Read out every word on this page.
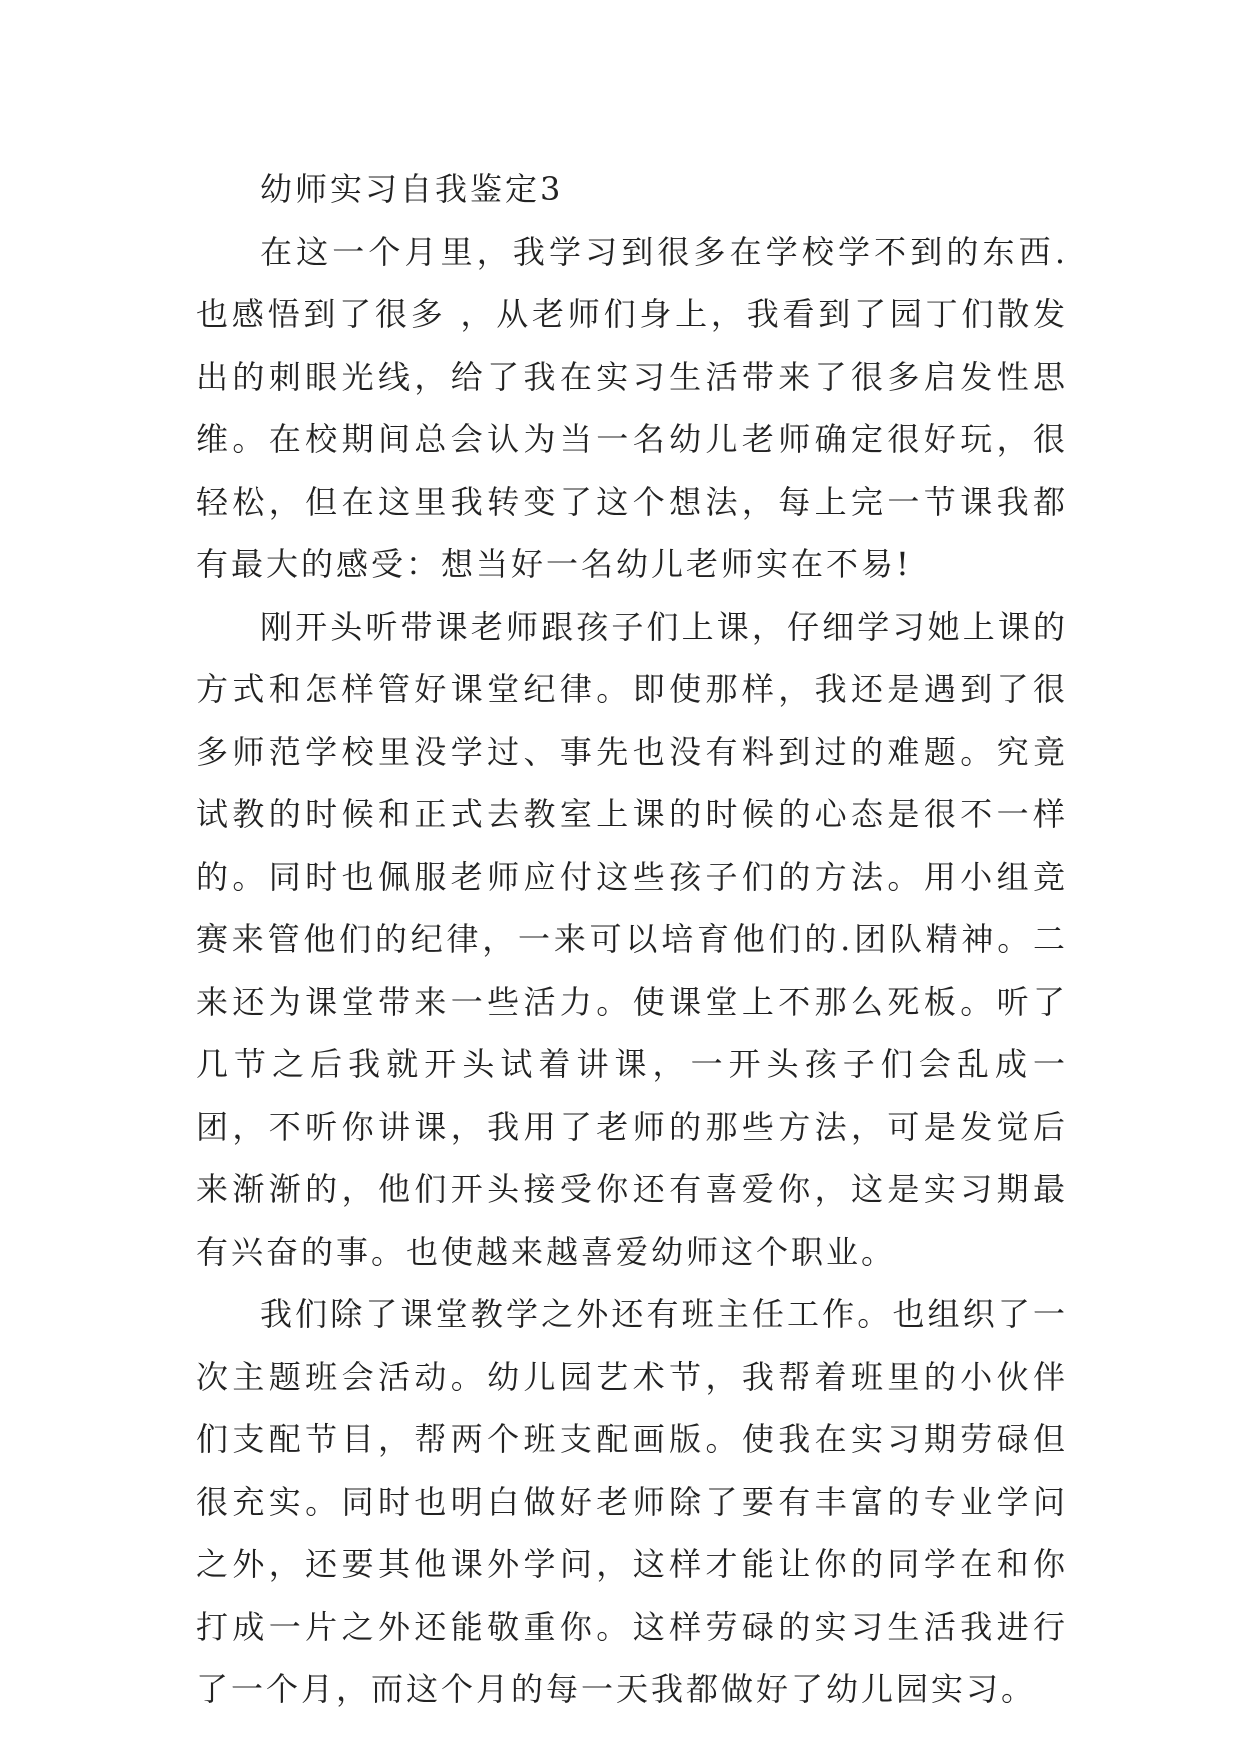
幼师实习自我鉴定3

在这一个月里，我学习到很多在学校学不到的东西.也感悟到了很多 ，从老师们身上，我看到了园丁们散发出的刺眼光线，给了我在实习生活带来了很多启发性思维。在校期间总会认为当一名幼儿老师确定很好玩，很轻松，但在这里我转变了这个想法，每上完一节课我都有最大的感受：想当好一名幼儿老师实在不易!

刚开头听带课老师跟孩子们上课，仔细学习她上课的方式和怎样管好课堂纪律。即使那样，我还是遇到了很多师范学校里没学过、事先也没有料到过的难题。究竟试教的时候和正式去教室上课的时候的心态是很不一样的。同时也佩服老师应付这些孩子们的方法。用小组竞赛来管他们的纪律，一来可以培育他们的.团队精神。二来还为课堂带来一些活力。使课堂上不那么死板。听了几节之后我就开头试着讲课，一开头孩子们会乱成一团，不听你讲课，我用了老师的那些方法，可是发觉后来渐渐的，他们开头接受你还有喜爱你，这是实习期最有兴奋的事。也使越来越喜爱幼师这个职业。

我们除了课堂教学之外还有班主任工作。也组织了一次主题班会活动。幼儿园艺术节，我帮着班里的小伙伴们支配节目，帮两个班支配画版。使我在实习期劳碌但很充实。同时也明白做好老师除了要有丰富的专业学问之外，还要其他课外学问，这样才能让你的同学在和你打成一片之外还能敬重你。这样劳碌的实习生活我进行了一个月，而这个月的每一天我都做好了幼儿园实习。
